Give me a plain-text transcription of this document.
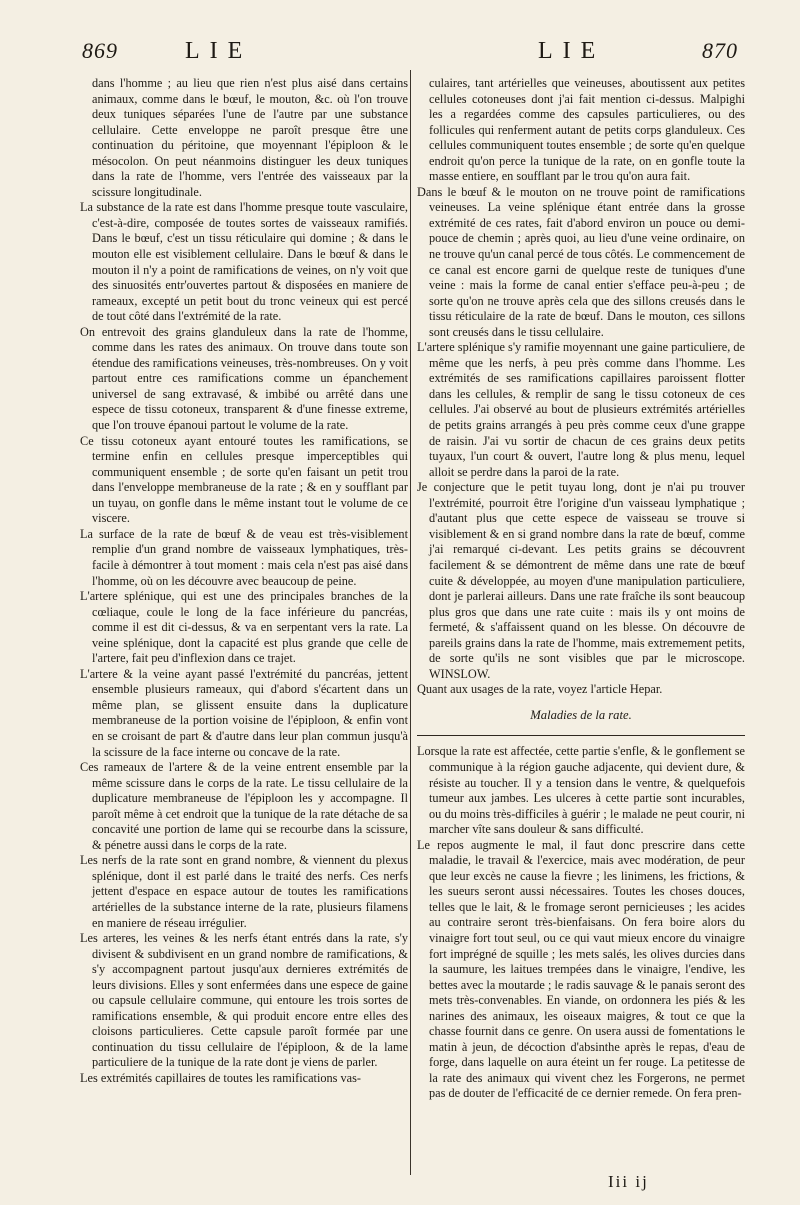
869	LIE	LIE	870

dans l'homme ; au lieu que rien n'est plus aisé dans certains animaux, comme dans le bœuf, le mouton, &c. où l'on trouve deux tuniques séparées l'une de l'autre par une substance cellulaire. Cette enveloppe ne paroît presque être une continuation du péritoine, que moyennant l'épiploon & le mésocolon. On peut néanmoins distinguer les deux tuniques dans la rate de l'homme, vers l'entrée des vaisseaux par la scissure longitudinale.

La substance de la rate est dans l'homme presque toute vasculaire, c'est-à-dire, composée de toutes sortes de vaisseaux ramifiés. Dans le bœuf, c'est un tissu réticulaire qui domine ; & dans le mouton elle est visiblement cellulaire. Dans le bœuf & dans le mouton il n'y a point de ramifications de veines, on n'y voit que des sinuosités entr'ouvertes partout & disposées en maniere de rameaux, excepté un petit bout du tronc veineux qui est percé de tout côté dans l'extrémité de la rate.

On entrevoit des grains glanduleux dans la rate de l'homme, comme dans les rates des animaux. On trouve dans toute son étendue des ramifications veineuses, très-nombreuses. On y voit partout entre ces ramifications comme un épanchement universel de sang extravasé, & imbibé ou arrêté dans une espece de tissu cotoneux, transparent & d'une finesse extreme, que l'on trouve épanoui partout le volume de la rate.

Ce tissu cotoneux ayant entouré toutes les ramifications, se termine enfin en cellules presque imperceptibles qui communiquent ensemble ; de sorte qu'en faisant un petit trou dans l'enveloppe membraneuse de la rate ; & en y soufflant par un tuyau, on gonfle dans le même instant tout le volume de ce viscere.

La surface de la rate de bœuf & de veau est très-visiblement remplie d'un grand nombre de vaisseaux lymphatiques, très-facile à démontrer à tout moment : mais cela n'est pas aisé dans l'homme, où on les découvre avec beaucoup de peine.

L'artere splénique, qui est une des principales branches de la cœliaque, coule le long de la face inférieure du pancréas, comme il est dit ci-dessus, & va en serpentant vers la rate. La veine splénique, dont la capacité est plus grande que celle de l'artere, fait peu d'inflexion dans ce trajet.

L'artere & la veine ayant passé l'extrémité du pancréas, jettent ensemble plusieurs rameaux, qui d'abord s'écartent dans un même plan, se glissent ensuite dans la duplicature membraneuse de la portion voisine de l'épiploon, & enfin vont en se croisant de part & d'autre dans leur plan commun jusqu'à la scissure de la face interne ou concave de la rate.

Ces rameaux de l'artere & de la veine entrent ensemble par la même scissure dans le corps de la rate. Le tissu cellulaire de la duplicature membraneuse de l'épiploon les y accompagne. Il paroît même à cet endroit que la tunique de la rate détache de sa concavité une portion de lame qui se recourbe dans la scissure, & pénetre aussi dans le corps de la rate.

Les nerfs de la rate sont en grand nombre, & viennent du plexus splénique, dont il est parlé dans le traité des nerfs. Ces nerfs jettent d'espace en espace autour de toutes les ramifications artérielles de la substance interne de la rate, plusieurs filamens en maniere de réseau irrégulier.

Les arteres, les veines & les nerfs étant entrés dans la rate, s'y divisent & subdivisent en un grand nombre de ramifications, & s'y accompagnent partout jusqu'aux dernieres extrémités de leurs divisions. Elles y sont enfermées dans une espece de gaine ou capsule cellulaire commune, qui entoure les trois sortes de ramifications ensemble, & qui produit encore entre elles des cloisons particulieres. Cette capsule paroît formée par une continuation du tissu cellulaire de l'épiploon, & de la lame particuliere de la tunique de la rate dont je viens de parler.

Les extrémités capillaires de toutes les ramifications vas-

culaires, tant artérielles que veineuses, aboutissent aux petites cellules cotoneuses dont j'ai fait mention ci-dessus. Malpighi les a regardées comme des capsules particulieres, ou des follicules qui renferment autant de petits corps glanduleux. Ces cellules communiquent toutes ensemble ; de sorte qu'en quelque endroit qu'on perce la tunique de la rate, on en gonfle toute la masse entiere, en soufflant par le trou qu'on aura fait.

Dans le bœuf & le mouton on ne trouve point de ramifications veineuses. La veine splénique étant entrée dans la grosse extrémité de ces rates, fait d'abord environ un pouce ou demi-pouce de chemin ; après quoi, au lieu d'une veine ordinaire, on ne trouve qu'un canal percé de tous côtés. Le commencement de ce canal est encore garni de quelque reste de tuniques d'une veine : mais la forme de canal entier s'efface peu-à-peu ; de sorte qu'on ne trouve après cela que des sillons creusés dans le tissu réticulaire de la rate de bœuf. Dans le mouton, ces sillons sont creusés dans le tissu cellulaire.

L'artere splénique s'y ramifie moyennant une gaine particuliere, de même que les nerfs, à peu près comme dans l'homme. Les extrémités de ses ramifications capillaires paroissent flotter dans les cellules, & remplir de sang le tissu cotoneux de ces cellules. J'ai observé au bout de plusieurs extrémités artérielles de petits grains arrangés à peu près comme ceux d'une grappe de raisin. J'ai vu sortir de chacun de ces grains deux petits tuyaux, l'un court & ouvert, l'autre long & plus menu, lequel alloit se perdre dans la paroi de la rate.

Je conjecture que le petit tuyau long, dont je n'ai pu trouver l'extrémité, pourroit être l'origine d'un vaisseau lymphatique ; d'autant plus que cette espece de vaisseau se trouve si visiblement & en si grand nombre dans la rate de bœuf, comme j'ai remarqué ci-devant. Les petits grains se découvrent facilement & se démontrent de même dans une rate de bœuf cuite & développée, au moyen d'une manipulation particuliere, dont je parlerai ailleurs. Dans une rate fraîche ils sont beaucoup plus gros que dans une rate cuite : mais ils y ont moins de fermeté, & s'affaissent quand on les blesse. On découvre de pareils grains dans la rate de l'homme, mais extremement petits, de sorte qu'ils ne sont visibles que par le microscope. WINSLOW.

Quant aux usages de la rate, voyez l'article Hepar.

Maladies de la rate.

Lorsque la rate est affectée, cette partie s'enfle, & le gonflement se communique à la région gauche adjacente, qui devient dure, & résiste au toucher. Il y a tension dans le ventre, & quelquefois tumeur aux jambes. Les ulceres à cette partie sont incurables, ou du moins très-difficiles à guérir ; le malade ne peut courir, ni marcher vîte sans douleur & sans difficulté.

Le repos augmente le mal, il faut donc prescrire dans cette maladie, le travail & l'exercice, mais avec modération, de peur que leur excès ne cause la fievre ; les linimens, les frictions, & les sueurs seront aussi nécessaires. Toutes les choses douces, telles que le lait, & le fromage seront pernicieuses ; les acides au contraire seront très-bienfaisans. On fera boire alors du vinaigre fort tout seul, ou ce qui vaut mieux encore du vinaigre fort imprégné de squille ; les mets salés, les olives durcies dans la saumure, les laitues trempées dans le vinaigre, l'endive, les bettes avec la moutarde ; le radis sauvage & le panais seront des mets très-convenables. En viande, on ordonnera les piés & les narines des animaux, les oiseaux maigres, & tout ce que la chasse fournit dans ce genre. On usera aussi de fomentations le matin à jeun, de décoction d'absinthe après le repas, d'eau de forge, dans laquelle on aura éteint un fer rouge. La petitesse de la rate des animaux qui vivent chez les Forgerons, ne permet pas de douter de l'efficacité de ce dernier remede. On fera pren-

Iii ij
